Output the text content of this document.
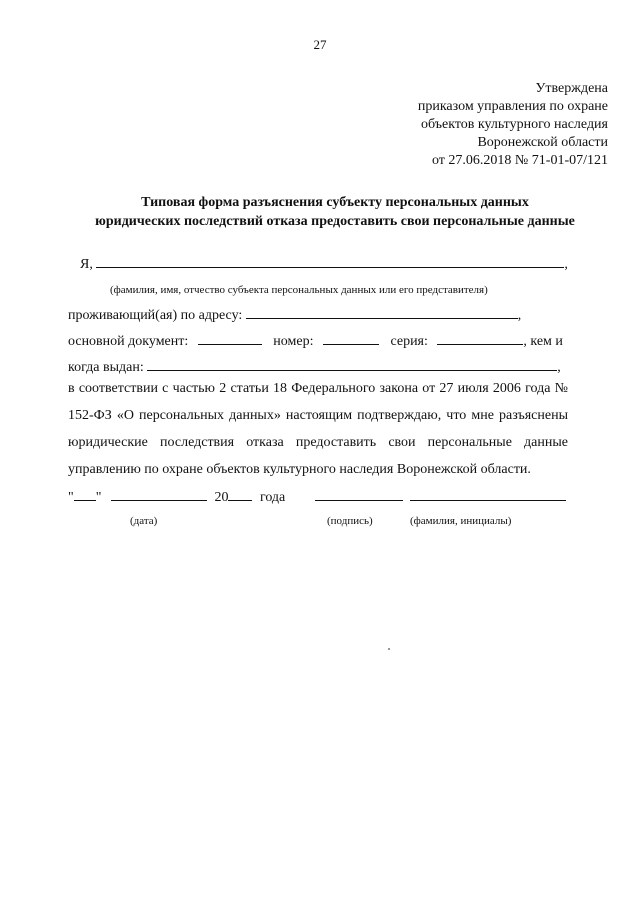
27
Утверждена
приказом управления по охране
объектов культурного наследия
Воронежской области
от 27.06.2018 № 71-01-07/121
Типовая форма разъяснения субъекту персональных данных
юридических последствий отказа предоставить свои персональные данные
Я,	,
(фамилия, имя, отчество субъекта персональных данных или его представителя)
проживающий(ая) по адресу:	,
основной документ:	номер:	серия:	, кем и
когда выдан:	,
в соответствии с частью 2 статьи 18 Федерального закона от 27 июля 2006 года №
152-ФЗ «О персональных данных» настоящим подтверждаю, что мне разъяснены
юридические последствия отказа предоставить свои персональные данные
управлению по охране объектов культурного наследия Воронежской области.
" "	20 года
(дата)	(подпись)	(фамилия, инициалы)
